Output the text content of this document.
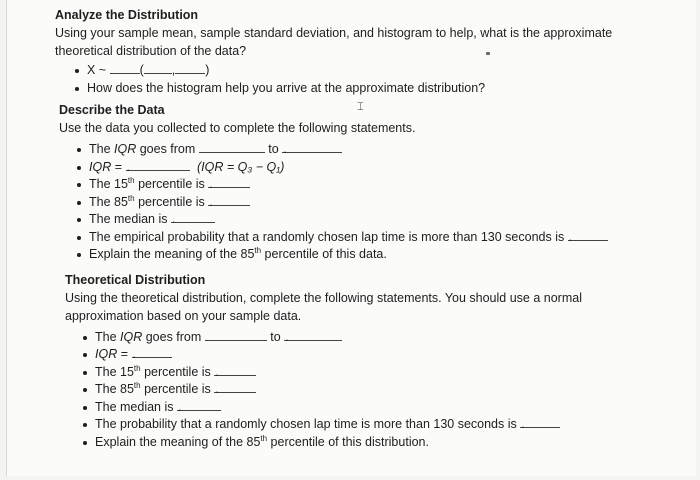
Analyze the Distribution

Using your sample mean, sample standard deviation, and histogram to help, what is the approximate theoretical distribution of the data?

X ~	( , )
How does the histogram help you arrive at the approximate distribution?
⌶
Describe the Data

Use the data you collected to complete the following statements.

The IQR goes from	to .
IQR = .	(IQR = Q₃ − Q₁)
The 15th percentile is .
The 85th percentile is .
The median is .
The empirical probability that a randomly chosen lap time is more than 130 seconds is .
Explain the meaning of the 85th percentile of this data.
Theoretical Distribution

Using the theoretical distribution, complete the following statements. You should use a normal approximation based on your sample data.

The IQR goes from	to .
IQR = .
The 15th percentile is .
The 85th percentile is .
The median is .
The probability that a randomly chosen lap time is more than 130 seconds is .
Explain the meaning of the 85th percentile of this distribution.
